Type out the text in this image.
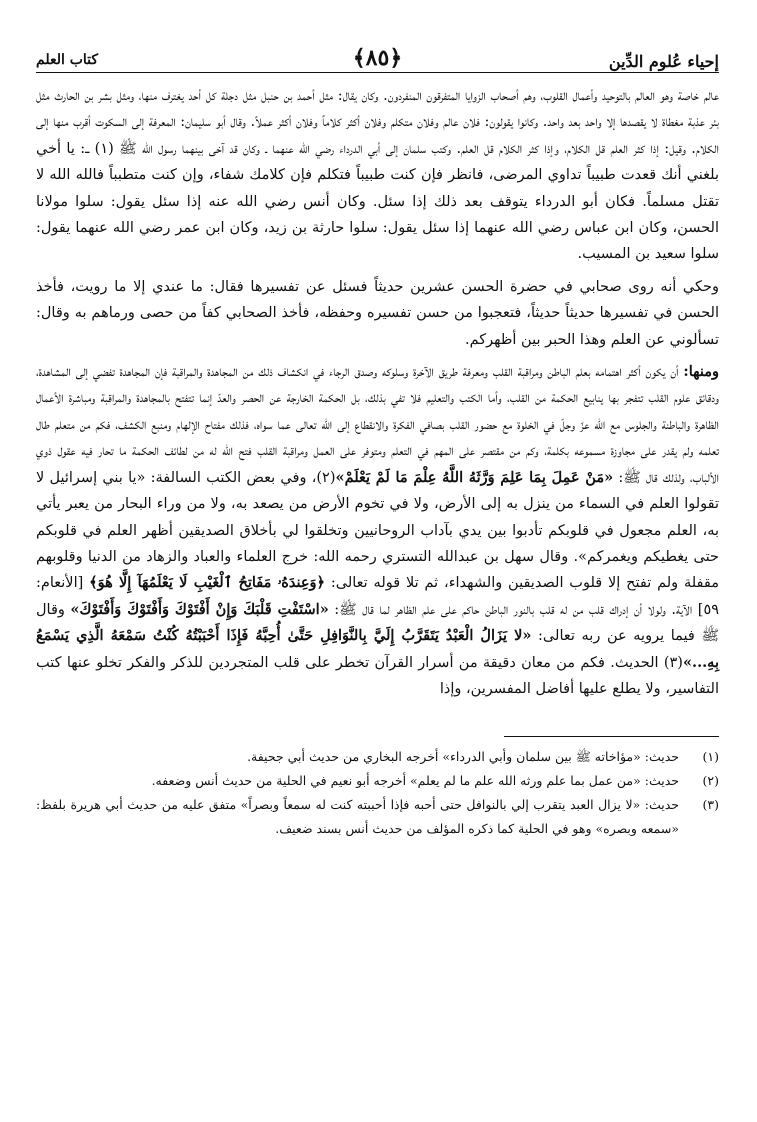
إحياء عُلوم الدِّين
﴿٨٥﴾
كتاب العلم

عالم خاصة وهو العالم بالتوحيد وأعمال القلوب، وهم أصحاب الزوايا المتفرقون المنفردون. وكان يقال: مثل أحمد بن حنبل مثل دجلة كل أحد يغترف منها، ومثل بشر بن الحارث مثل بئر عذبة مغطاة لا يقصدها إلا واحد بعد واحد. وكانوا يقولون: فلان عالم وفلان متكلم وفلان أكثر كلاماً وفلان أكثر عملاً. وقال أبو سليمان: المعرفة إلى السكوت أقرب منها إلى الكلام. وقيل: إذا كثر العلم قل الكلام، وإذا كثر الكلام قل العلم. وكتب سلمان إلى أبي الدرداء رضي الله عنهما ـ وكان قد آخى بينهما رسول الله ﷺ (١) ـ: يا أخي بلغني أنك قعدت طبيباً تداوي المرضى، فانظر فإن كنت طبيباً فتكلم فإن كلامك شفاء، وإن كنت متطبباً فالله الله لا تقتل مسلماً. فكان أبو الدرداء يتوقف بعد ذلك إذا سئل. وكان أنس رضي الله عنه إذا سئل يقول: سلوا مولانا الحسن، وكان ابن عباس رضي الله عنهما إذا سئل يقول: سلوا حارثة بن زيد، وكان ابن عمر رضي الله عنهما يقول: سلوا سعيد بن المسيب.

وحكي أنه روى صحابي في حضرة الحسن عشرين حديثاً فسئل عن تفسيرها فقال: ما عندي إلا ما رويت، فأخذ الحسن في تفسيرها حديثاً حديثاً، فتعجبوا من حسن تفسيره وحفظه، فأخذ الصحابي كفاً من حصى ورماهم به وقال: تسألوني عن العلم وهذا الحبر بين أظهركم.

ومنها: أن يكون أكثر اهتمامه بعلم الباطن ومراقبة القلب ومعرفة طريق الآخرة وسلوكه وصدق الرجاء في انكشاف ذلك من المجاهدة والمراقبة فإن المجاهدة تفضي إلى المشاهدة، ودقائق علوم القلب تتفجر بها ينابيع الحكمة من القلب، وأما الكتب والتعليم فلا تفي بذلك، بل الحكمة الخارجة عن الحصر والعدّ إنما تتفتح بالمجاهدة والمراقبة ومباشرة الأعمال الظاهرة والباطنة والجلوس مع الله عزّ وجلّ في الخلوة مع حضور القلب بصافي الفكرة والانقطاع إلى الله تعالى عما سواه، فذلك مفتاح الإلهام ومنبع الكشف، فكم من متعلم طال تعلمه ولم يقدر على مجاوزة مسموعه بكلمة، وكم من مقتصر على المهم في التعلم ومتوفر على العمل ومراقبة القلب فتح الله له من لطائف الحكمة ما تحار فيه عقول ذوي الألباب، ولذلك قال ﷺ: «مَنْ عَمِلَ بِمَا عَلِمَ وَرَّثَهُ اللَّهُ عِلْمَ مَا لَمْ يَعْلَمْ»(٢)، وفي بعض الكتب السالفة: «يا بني إسرائيل لا تقولوا العلم في السماء من ينزل به إلى الأرض، ولا في تخوم الأرض من يصعد به، ولا من وراء البحار من يعبر يأتي به، العلم مجعول في قلوبكم تأدبوا بين يدي بآداب الروحانيين وتخلقوا لي بأخلاق الصديقين أظهر العلم في قلوبكم حتى يغطيكم ويغمركم». وقال سهل بن عبدالله التستري رحمه الله: خرج العلماء والعباد والزهاد من الدنيا وقلوبهم مقفلة ولم تفتح إلا قلوب الصديقين والشهداء، ثم تلا قوله تعالى: ﴿وَعِندَهُۥ مَفَاتِحُ ٱلْغَيْبِ لَا يَعْلَمُهَآ إِلَّا هُوَ﴾ [الأنعام: ٥٩] الآية. ولولا أن إدراك قلب من له قلب بالنور الباطن حاكم على علم الظاهر لما قال ﷺ: «اسْتَفْتِ قَلْبَكَ وَإِنْ أَفْتَوْكَ وَأَفْتَوْكَ وَأَفْتَوْكَ» وقال ﷺ فيما يرويه عن ربه تعالى: «لا يَزَالُ الْعَبْدُ يَتَقَرَّبُ إِلَيَّ بِالنَّوَافِلِ حَتَّىٰ أُحِبَّهُ فَإِذَا أَحْبَبْتُهُ كُنْتُ سَمْعَهُ الَّذِي يَسْمَعُ بِهِ...»(٣) الحديث. فكم من معان دقيقة من أسرار القرآن تخطر على قلب المتجردين للذكر والفكر تخلو عنها كتب التفاسير، ولا يطلع عليها أفاضل المفسرين، وإذا

(١)
حديث: «مؤاخاته ﷺ بين سلمان وأبي الدرداء» أخرجه البخاري من حديث أبي جحيفة.
(٢)
حديث: «من عمل بما علم ورثه الله علم ما لم يعلم» أخرجه أبو نعيم في الحلية من حديث أنس وضعفه.
(٣)
حديث: «لا يزال العبد يتقرب إلي بالنوافل حتى أحبه فإذا أحببته كنت له سمعاً وبصراً» متفق عليه من حديث أبي هريرة بلفظ: «سمعه وبصره» وهو في الحلية كما ذكره المؤلف من حديث أنس بسند ضعيف.
